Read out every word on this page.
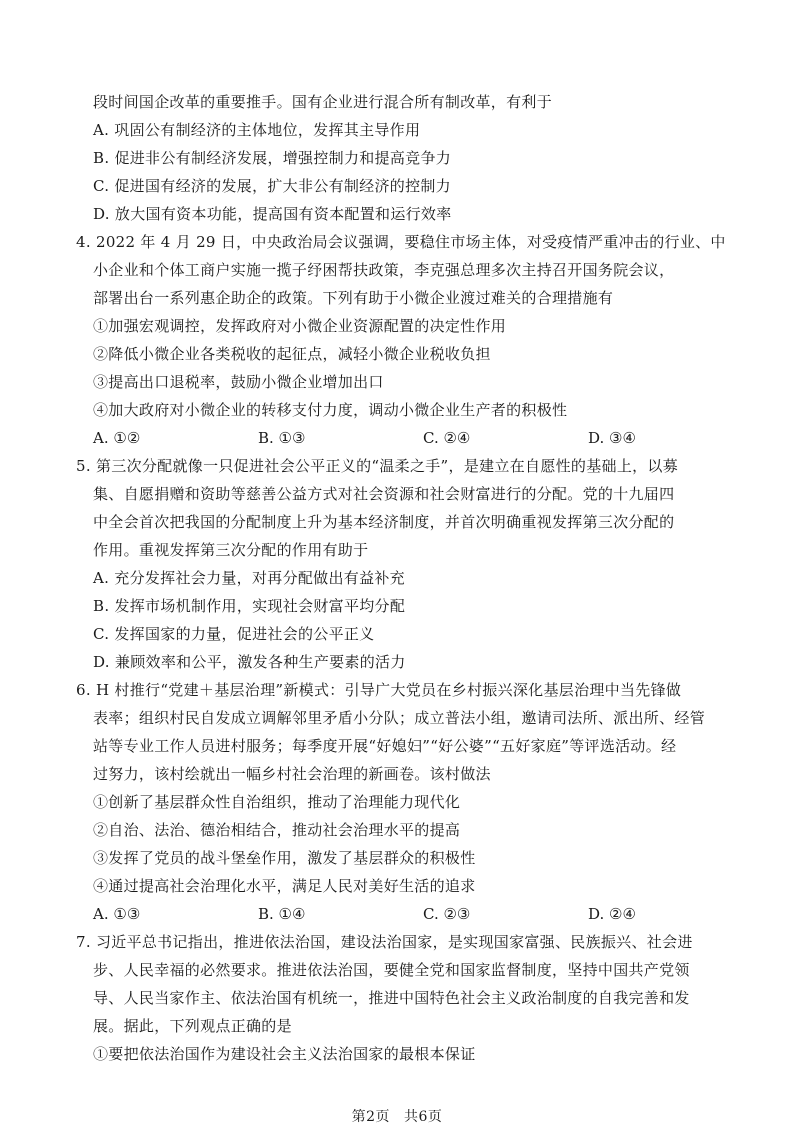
段时间国企改革的重要推手。国有企业进行混合所有制改革，有利于
A. 巩固公有制经济的主体地位，发挥其主导作用
B. 促进非公有制经济发展，增强控制力和提高竞争力
C. 促进国有经济的发展，扩大非公有制经济的控制力
D. 放大国有资本功能，提高国有资本配置和运行效率
4. 2022 年 4 月 29 日，中央政治局会议强调，要稳住市场主体，对受疫情严重冲击的行业、中
小企业和个体工商户实施一揽子纾困帮扶政策，李克强总理多次主持召开国务院会议，
部署出台一系列惠企助企的政策。下列有助于小微企业渡过难关的合理措施有
①加强宏观调控，发挥政府对小微企业资源配置的决定性作用
②降低小微企业各类税收的起征点，减轻小微企业税收负担
③提高出口退税率，鼓励小微企业增加出口
④加大政府对小微企业的转移支付力度，调动小微企业生产者的积极性
A. ①②	B. ①③	C. ②④	D. ③④
5. 第三次分配就像一只促进社会公平正义的“温柔之手”，是建立在自愿性的基础上，以募
集、自愿捐赠和资助等慈善公益方式对社会资源和社会财富进行的分配。党的十九届四
中全会首次把我国的分配制度上升为基本经济制度，并首次明确重视发挥第三次分配的
作用。重视发挥第三次分配的作用有助于
A. 充分发挥社会力量，对再分配做出有益补充
B. 发挥市场机制作用，实现社会财富平均分配
C. 发挥国家的力量，促进社会的公平正义
D. 兼顾效率和公平，激发各种生产要素的活力
6. H 村推行“党建＋基层治理”新模式：引导广大党员在乡村振兴深化基层治理中当先锋做
表率；组织村民自发成立调解邻里矛盾小分队；成立普法小组，邀请司法所、派出所、经管
站等专业工作人员进村服务；每季度开展“好媳妇”“好公婆”“五好家庭”等评选活动。经
过努力，该村绘就出一幅乡村社会治理的新画卷。该村做法
①创新了基层群众性自治组织，推动了治理能力现代化
②自治、法治、德治相结合，推动社会治理水平的提高
③发挥了党员的战斗堡垒作用，激发了基层群众的积极性
④通过提高社会治理化水平，满足人民对美好生活的追求
A. ①③	B. ①④	C. ②③	D. ②④
7. 习近平总书记指出，推进依法治国，建设法治国家，是实现国家富强、民族振兴、社会进
步、人民幸福的必然要求。推进依法治国，要健全党和国家监督制度，坚持中国共产党领
导、人民当家作主、依法治国有机统一，推进中国特色社会主义政治制度的自我完善和发
展。据此，下列观点正确的是
①要把依法治国作为建设社会主义法治国家的最根本保证
第2页 共6页
